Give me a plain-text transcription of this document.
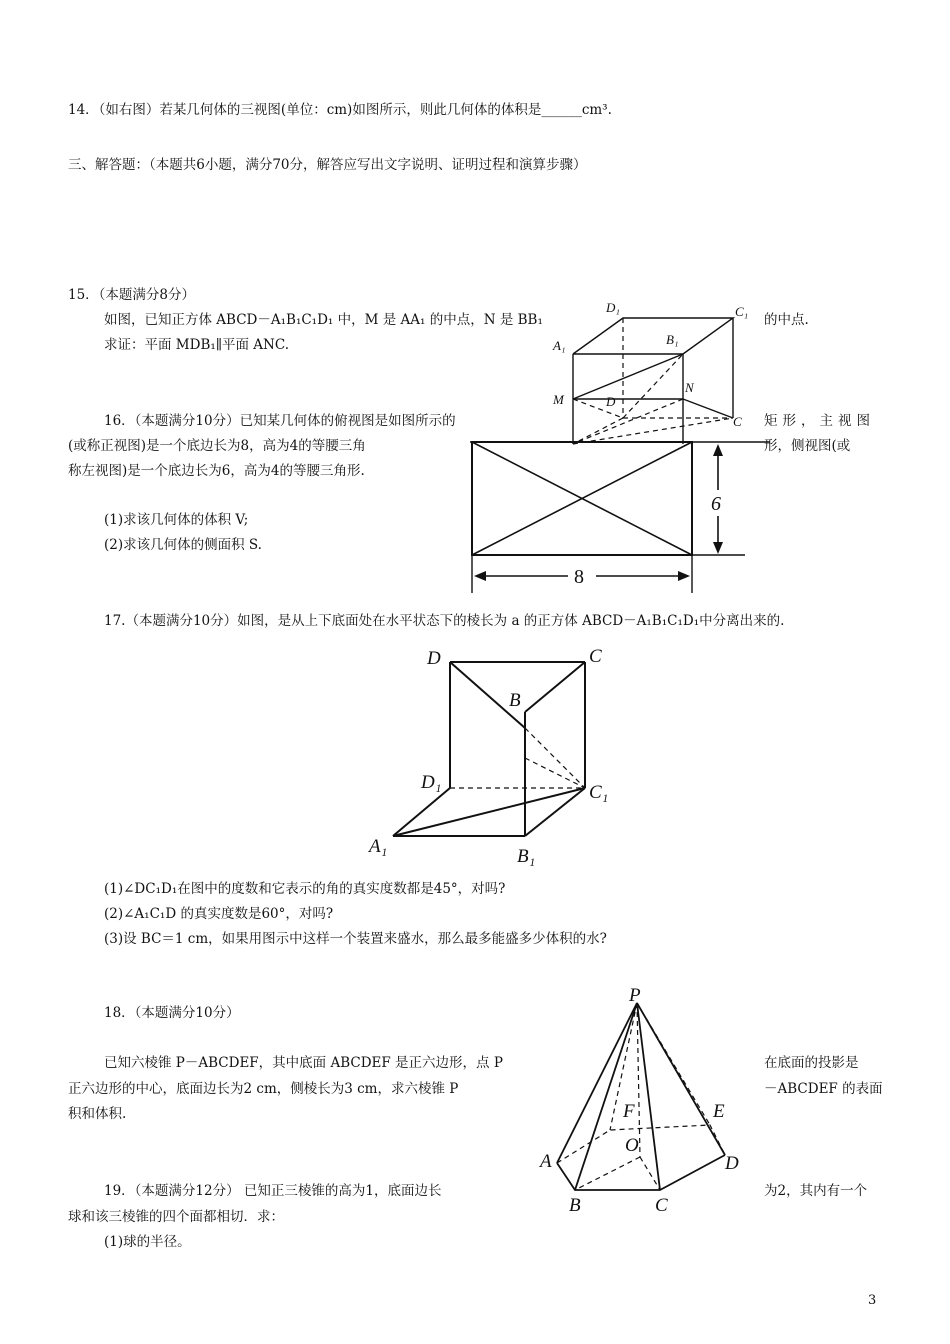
14．（如右图）若某几何体的三视图(单位：cm)如图所示，则此几何体的体积是______cm³.
三、解答题：（本题共6小题，满分70分，解答应写出文字说明、证明过程和演算步骤）
15．（本题满分8分）
如图，已知正方体 ABCD－A₁B₁C₁D₁ 中，M 是 AA₁ 的中点，N 是 BB₁	的中点.
求证：平面 MDB₁∥平面 ANC.
D₁	C₁
A₁	B₁
M	D
N
C
16．（本题满分10分）已知某几何体的俯视图是如图所示的	矩形，主视图
(或称正视图)是一个底边长为8，高为4的等腰三角	形，侧视图(或
称左视图)是一个底边长为6，高为4的等腰三角形.
(1)求该几何体的体积 V;
(2)求该几何体的侧面积 S.
8
6
17.（本题满分10分）如图，是从上下底面处在水平状态下的棱长为 a 的正方体 ABCD－A₁B₁C₁D₁中分离出来的.
D	C
B
D₁	C₁
A₁	B₁
(1)∠DC₁D₁在图中的度数和它表示的角的真实度数都是45°，对吗?
(2)∠A₁C₁D 的真实度数是60°，对吗?
(3)设 BC＝1 cm，如果用图示中这样一个装置来盛水，那么最多能盛多少体积的水?
18．（本题满分10分）
已知六棱锥 P－ABCDEF，其中底面 ABCDEF 是正六边形，点 P	在底面的投影是
正六边形的中心，底面边长为2 cm，侧棱长为3 cm，求六棱锥 P	－ABCDEF 的表面
积和体积.
P
F	E
O
A	D
B	C
19．（本题满分12分） 已知正三棱锥的高为1，底面边长	为2，其内有一个
球和该三棱锥的四个面都相切．求：
(1)球的半径。
3
